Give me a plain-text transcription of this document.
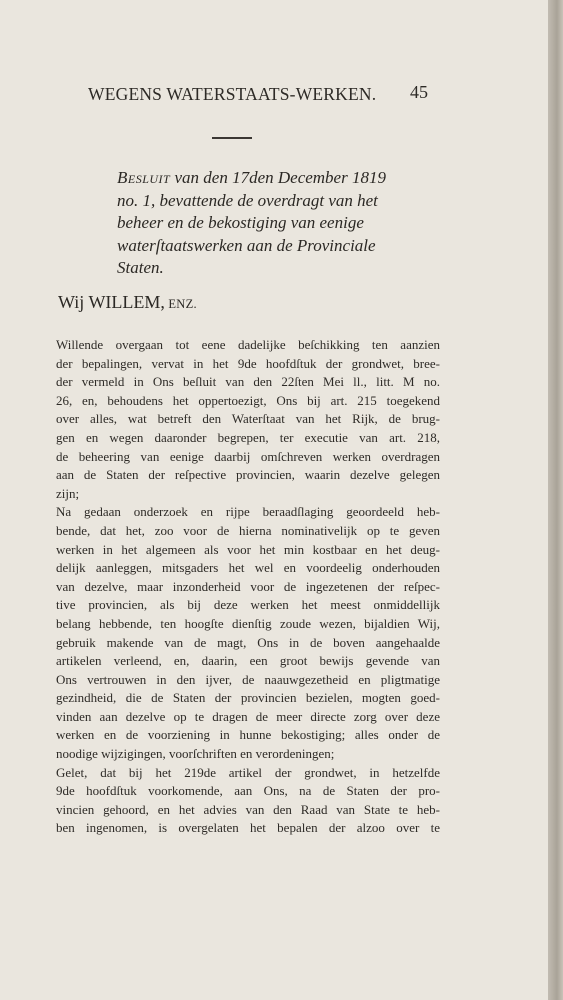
WEGENS WATERSTAATS-WERKEN.	45
Besluit van den 17den December 1819
no. 1, bevattende de overdragt van het
beheer en de bekostiging van eenige
waterſtaatswerken aan de Provinciale
Staten.
Wij WILLEM, ENZ.
Willende overgaan tot eene dadelijke beſchikking ten aanzien
der bepalingen, vervat in het 9de hoofdſtuk der grondwet, bree-
der vermeld in Ons beſluit van den 22ſten Mei ll., litt. M no.
26, en, behoudens het oppertoezigt, Ons bij art. 215 toegekend
over alles, wat betreft den Waterſtaat van het Rijk, de brug-
gen en wegen daaronder begrepen, ter executie van art. 218,
de beheering van eenige daarbij omſchreven werken overdragen
aan de Staten der reſpective provincien, waarin dezelve gelegen
zijn;
Na gedaan onderzoek en rijpe beraadſlaging geoordeeld heb-
bende, dat het, zoo voor de hierna nominativelijk op te geven
werken in het algemeen als voor het min kostbaar en het deug-
delijk aanleggen, mitsgaders het wel en voordeelig onderhouden
van dezelve, maar inzonderheid voor de ingezetenen der reſpec-
tive provincien, als bij deze werken het meest onmiddellijk
belang hebbende, ten hoogſte dienſtig zoude wezen, bijaldien Wij,
gebruik makende van de magt, Ons in de boven aangehaalde
artikelen verleend, en, daarin, een groot bewijs gevende van
Ons vertrouwen in den ijver, de naauwgezetheid en pligtmatige
gezindheid, die de Staten der provincien bezielen, mogten goed-
vinden aan dezelve op te dragen de meer directe zorg over deze
werken en de voorziening in hunne bekostiging; alles onder de
noodige wijzigingen, voorſchriften en verordeningen;
Gelet, dat bij het 219de artikel der grondwet, in hetzelfde
9de hoofdſtuk voorkomende, aan Ons, na de Staten der pro-
vincien gehoord, en het advies van den Raad van State te heb-
ben ingenomen, is overgelaten het bepalen der alzoo over te
